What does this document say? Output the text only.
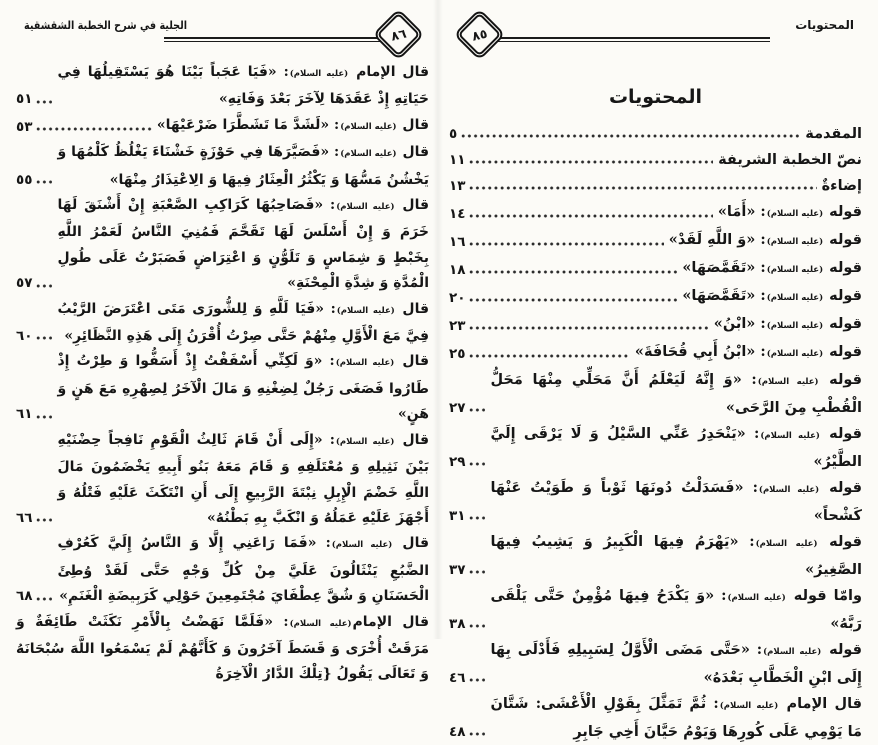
الجلية في شرح الخطبة الشقشقية
٨٦
قال الإمام (عليه السلام): «فَيَا عَجَباً بَيْنَا هُوَ يَسْتَقِيلُهَا فِي حَيَاتِهِ إِذْ عَقَدَهَا لِآخَرَ بَعْدَ وَفَاتِهِ»
٥١
قال (عليه السلام): «لَشَدَّ مَا تَشَطَّرَا ضَرْعَيْهَا»
٥٣
قال (عليه السلام): «فَصَيَّرَهَا فِي حَوْزَةٍ خَشْنَاءَ يَغْلُظُ كَلْمُهَا وَ يَخْشُنُ مَسُّهَا وَ يَكْثُرُ الْعِثَارُ فِيهَا وَ الِاعْتِذَارُ مِنْهَا»
٥٥
قال (عليه السلام): «فَصَاحِبُهَا كَرَاكِبِ الصَّعْبَةِ إِنْ أَشْنَقَ لَهَا خَرَمَ وَ إِنْ أَسْلَسَ لَهَا تَقَحَّمَ فَمُنِيَ النَّاسُ لَعَمْرُ اللَّهِ بِخَبْطٍ وَ شِمَاسٍ وَ تَلَوُّنٍ وَ اعْتِرَاضٍ فَصَبَرْتُ عَلَى طُولِ الْمُدَّةِ وَ شِدَّةِ الْمِحْنَةِ»
٥٧
قال (عليه السلام): «فَيَا لَلَّهِ وَ لِلشُّورَى مَتَى اعْتَرَضَ الرَّيْبُ فِيَّ مَعَ الْأَوَّلِ مِنْهُمْ حَتَّى صِرْتُ أُقْرَنُ إِلَى هَذِهِ النَّظَائِرِ»
٦٠
قال (عليه السلام): «وَ لَكِنِّي أَسْفَفْتُ إِذْ أَسَفُّوا وَ طِرْتُ إِذْ طَارُوا فَصَغَى رَجُلٌ لِضِغْنِهِ وَ مَالَ الْآخَرُ لِصِهْرِهِ مَعَ هَنٍ وَ هَنٍ»
٦١
قال (عليه السلام): «إِلَى أَنْ قَامَ ثَالِثُ الْقَوْمِ نَافِجاً حِضْنَيْهِ بَيْنَ نَثِيلِهِ وَ مُعْتَلَفِهِ وَ قَامَ مَعَهُ بَنُو أَبِيهِ يَخْضَمُونَ مَالَ اللَّهِ خَضْمَ الْإِبِلِ نِبْتَةَ الرَّبِيعِ إِلَى أَنِ انْتَكَثَ عَلَيْهِ فَتْلُهُ وَ أَجْهَزَ عَلَيْهِ عَمَلُهُ وَ انْكَبَّ بِهِ بَطْنُهُ»
٦٦
قال (عليه السلام): «فَمَا رَاعَنِي إِلَّا وَ النَّاسُ إِلَيَّ كَعُرْفِ الضَّبُعِ يَنْثَالُونَ عَلَيَّ مِنْ كُلِّ وَجْهٍ حَتَّى لَقَدْ وُطِئَ الْحَسَنَانِ وَ شُقَّ عِطْفَايَ مُجْتَمِعِينَ حَوْلِي كَرَبِيضَةِ الْغَنَمِ»
٦٨
قال الإمام(عليه السلام): «فَلَمَّا نَهَضْتُ بِالْأَمْرِ نَكَثَتْ طَائِفَةٌ وَ مَرَقَتْ أُخْرَى وَ قَسَطَ آخَرُونَ وَ كَأَنَّهُمْ لَمْ يَسْمَعُوا اللَّهَ سُبْحَانَهُ وَ تَعَالَى يَقُولُ {تِلْكَ الدَّارُ الْآخِرَةُ
٨٥
المحتويات
المحتويات
المقدمة
٥
نصّ الخطبة الشريفة
١١
إضاءةٌ
١٣
قوله (عليه السلام): «أَمَا»
١٤
قوله (عليه السلام): «وَ اللَّهِ لَقَدْ»
١٦
قوله (عليه السلام): «تَقَمَّصَهَا»
١٨
قوله (عليه السلام): «تَقَمَّصَهَا»
٢٠
قوله (عليه السلام): «ابْنُ»
٢٣
قوله (عليه السلام): «ابْنُ أَبِي قُحَافَةَ»
٢٥
قوله (عليه السلام): «وَ إِنَّهُ لَيَعْلَمُ أَنَّ مَحَلِّي مِنْهَا مَحَلُّ الْقُطْبِ مِنَ الرَّحَى»
٢٧
قوله (عليه السلام): «يَنْحَدِرُ عَنِّي السَّيْلُ وَ لَا يَرْقَى إِلَيَّ الطَّيْرُ»
٢٩
قوله (عليه السلام): «فَسَدَلْتُ دُونَهَا ثَوْباً وَ طَوَيْتُ عَنْهَا كَشْحاً»
٣١
قوله (عليه السلام): «يَهْرَمُ فِيهَا الْكَبِيرُ وَ يَشِيبُ فِيهَا الصَّغِيرُ»
٣٧
وامّا قوله (عليه السلام): «وَ يَكْدَحُ فِيهَا مُؤْمِنٌ حَتَّى يَلْقَى رَبَّهُ»
٣٨
قوله (عليه السلام): «حَتَّى مَضَى الْأَوَّلُ لِسَبِيلِهِ فَأَدْلَى بِهَا إِلَى ابْنِ الْخَطَّابِ بَعْدَهُ»
٤٦
قال الإمام (عليه السلام): ثُمَّ تَمَثَّلَ بِقَوْلِ الْأَعْشَى: شَتَّانَ مَا يَوْمِي عَلَى كُورِهَا وَيَوْمُ حَيَّانَ أَخِي جَابِرِ
٤٨
